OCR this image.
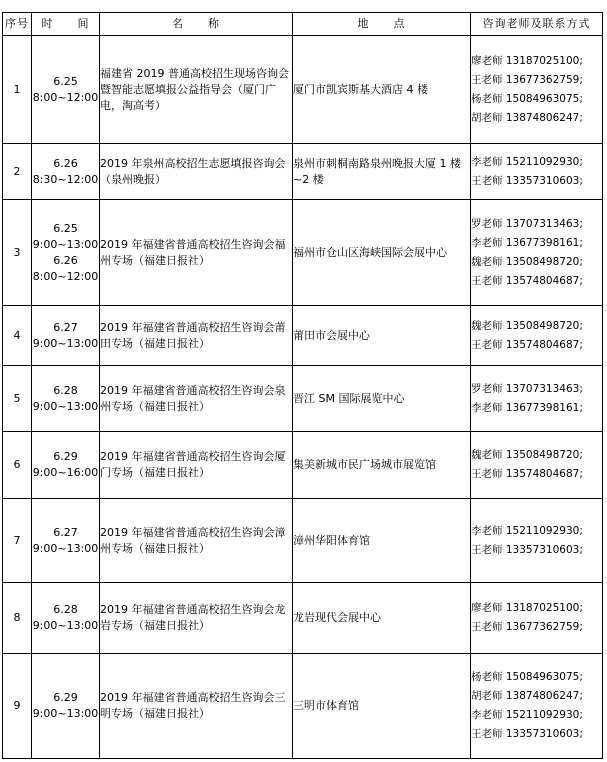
序号	时　　间	名　　称	地　　点	咨询老师及联系方式
1	6.25
8:00~12:00	福建省 2019 普通高校招生现场咨询会暨智能志愿填报公益指导会（厦门广电，淘高考）	厦门市凯宾斯基大酒店 4 楼	廖老师 13187025100 ;
王老师 13677362759 ;
杨老师 15084963075 ;
胡老师 13874806247 ;

2	6.26
8:30~12:00	2019 年泉州高校招生志愿填报咨询会（泉州晚报）	泉州市刺桐南路泉州晚报大厦 1 楼~2 楼	李老师 15211092930 ;
王老师 13357310603 ;

3	6.25
9:00~13:00
6.26
8:00~12:00	2019 年福建省普通高校招生咨询会福州专场（福建日报社）	福州市仓山区海峡国际会展中心	罗老师 13707313463 ;
李老师 13677398161 ;
魏老师 13508498720 ;
王老师 13574804687 ;

4	6.27
9:00~13:00	2019 年福建省普通高校招生咨询会莆田专场（福建日报社）	莆田市会展中心	魏老师 13508498720 ;
王老师 13574804687 ;

5	6.28
9:00~13:00	2019 年福建省普通高校招生咨询会泉州专场（福建日报社）	晋江 SM 国际展览中心	罗老师 13707313463 ;
李老师 13677398161 ;

6	6.29
9:00~16:00	2019 年福建省普通高校招生咨询会厦门专场（福建日报社）	集美新城市民广场城市展览馆	魏老师 13508498720 ;
王老师 13574804687 ;

7	6.27
9:00~13:00	2019 年福建省普通高校招生咨询会漳州专场（福建日报社）	漳州华阳体育馆	李老师 15211092930 ;
王老师 13357310603 ;

8	6.28
9:00~13:00	2019 年福建省普通高校招生咨询会龙岩专场（福建日报社）	龙岩现代会展中心	廖老师 13187025100 ;
王老师 13677362759 ;

9	6.29
9:00~13:00	2019 年福建省普通高校招生咨询会三明专场（福建日报社）	三明市体育馆	杨老师 15084963075 ;
胡老师 13874806247 ;
李老师 15211092930 ;
王老师 13357310603 ;
